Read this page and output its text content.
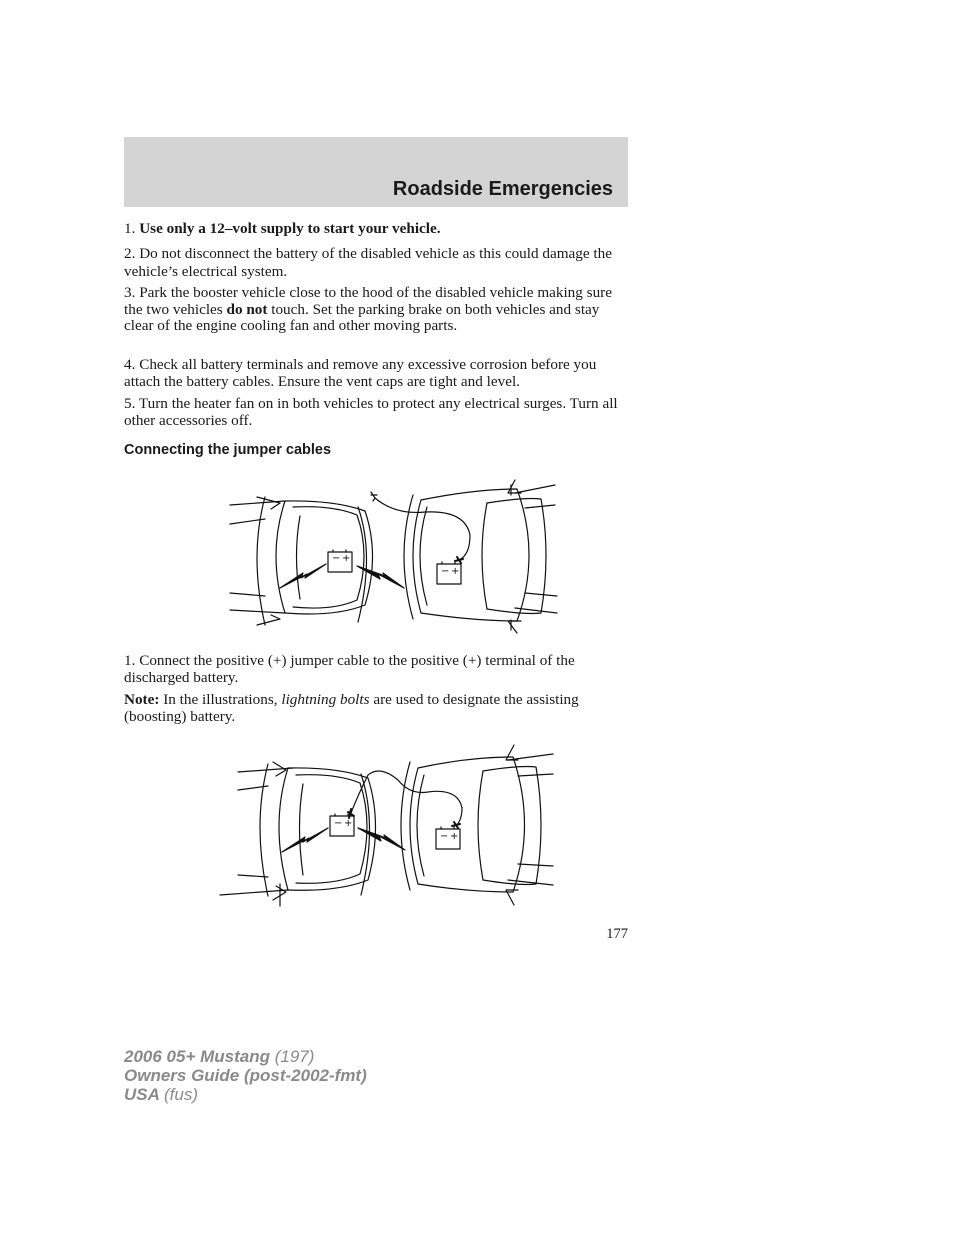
Roadside Emergencies

1. Use only a 12–volt supply to start your vehicle.

2. Do not disconnect the battery of the disabled vehicle as this could damage the vehicle’s electrical system.

3. Park the booster vehicle close to the hood of the disabled vehicle making sure the two vehicles do not touch. Set the parking brake on both vehicles and stay clear of the engine cooling fan and other moving parts.

4. Check all battery terminals and remove any excessive corrosion before you attach the battery cables. Ensure the vent caps are tight and level.

5. Turn the heater fan on in both vehicles to protect any electrical surges. Turn all other accessories off.

Connecting the jumper cables
− +
− +

1. Connect the positive (+) jumper cable to the positive (+) terminal of the discharged battery.

Note: In the illustrations, lightning bolts are used to designate the assisting (boosting) battery.

− +
− +
177
2006 05+ Mustang (197)
Owners Guide (post-2002-fmt)
USA (fus)
